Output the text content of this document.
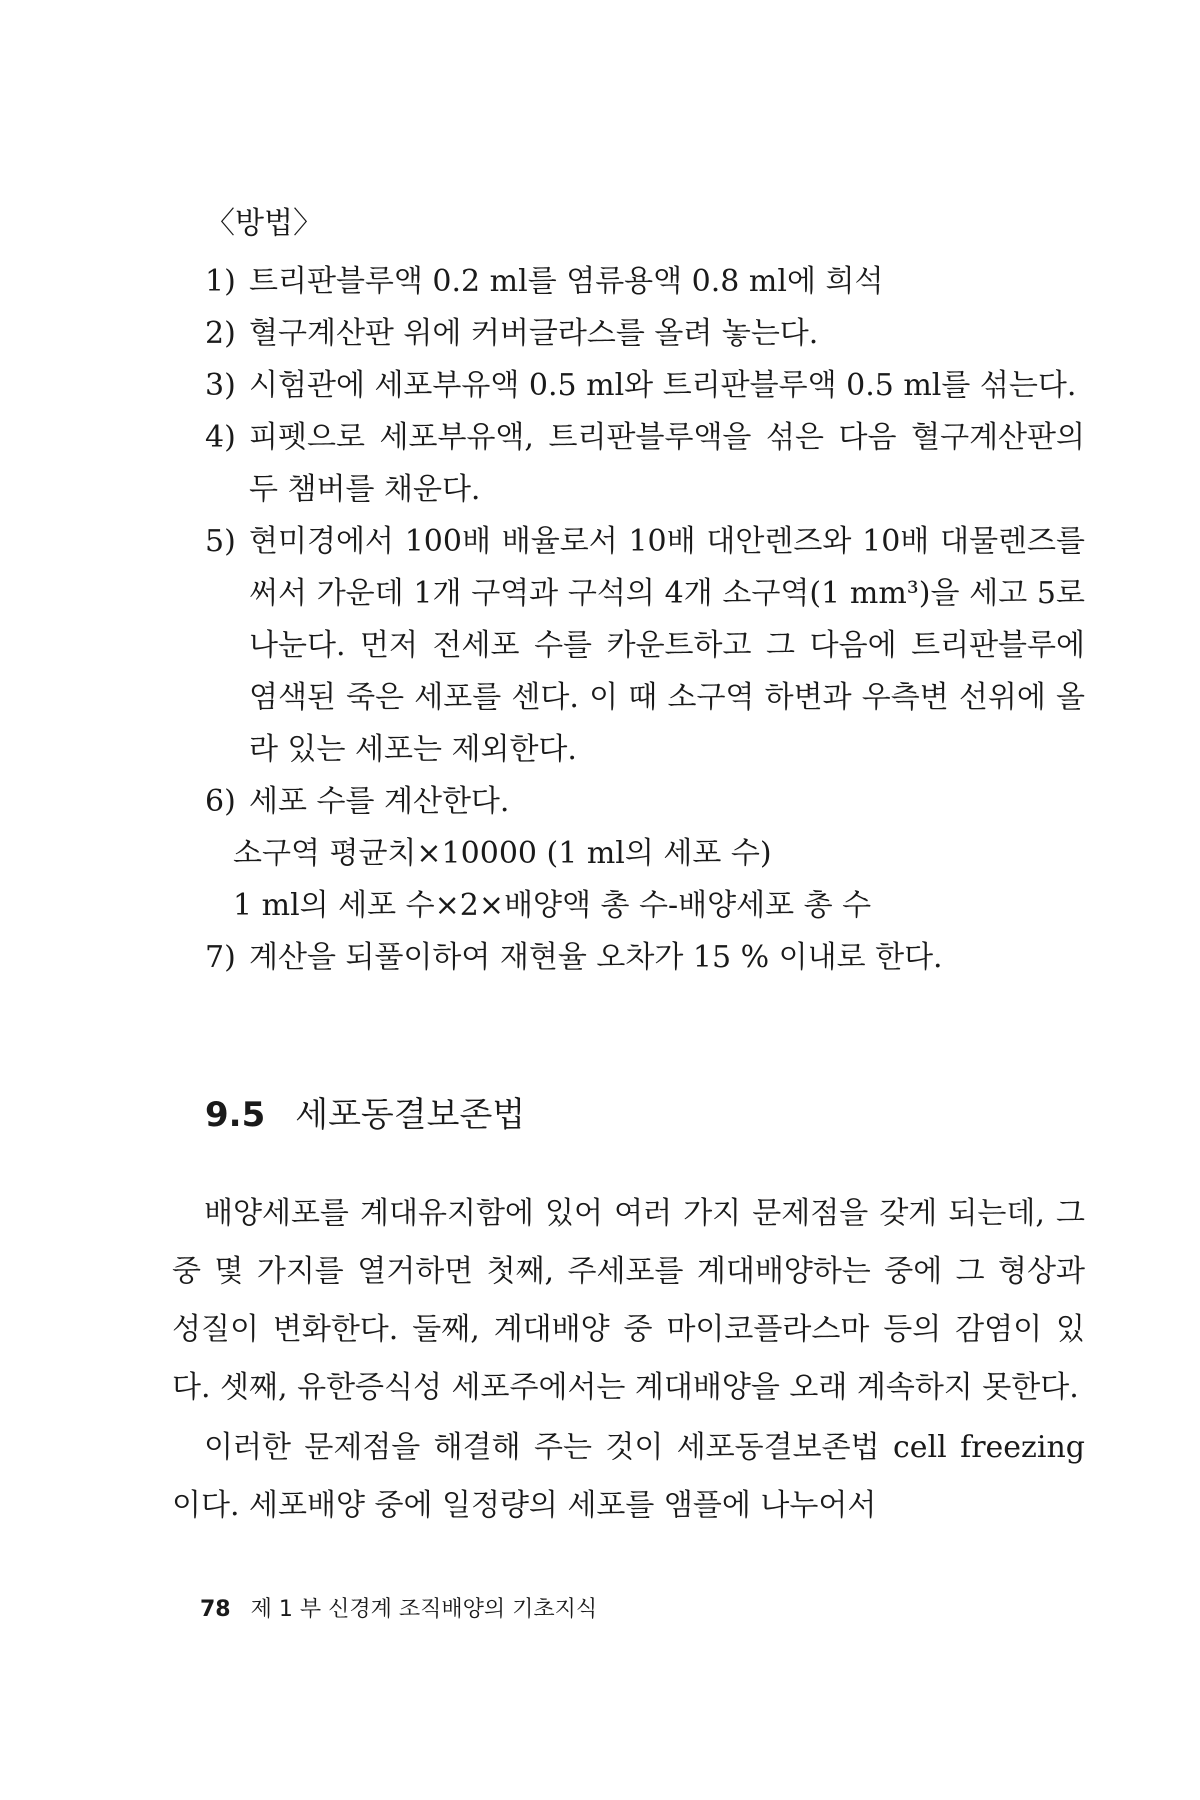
〈방법〉

1) 트리판블루액 0.2 ml를 염류용액 0.8 ml에 희석
2) 혈구계산판 위에 커버글라스를 올려 놓는다.
3) 시험관에 세포부유액 0.5 ml와 트리판블루액 0.5 ml를 섞는다.
4) 피펫으로 세포부유액, 트리판블루액을 섞은 다음 혈구계산판의 두 챔버를 채운다.
5) 현미경에서 100배 배율로서 10배 대안렌즈와 10배 대물렌즈를 써서 가운데 1개 구역과 구석의 4개 소구역(1 mm³)을 세고 5로 나눈다. 먼저 전세포 수를 카운트하고 그 다음에 트리판블루에 염색된 죽은 세포를 센다. 이 때 소구역 하변과 우측변 선위에 올라 있는 세포는 제외한다.
6) 세포 수를 계산한다.

소구역 평균치×10000 (1 ml의 세포 수)

1 ml의 세포 수×2×배양액 총 수-배양세포 총 수

7) 계산을 되풀이하여 재현율 오차가 15 % 이내로 한다.
9.5 세포동결보존법

배양세포를 계대유지함에 있어 여러 가지 문제점을 갖게 되는데, 그 중 몇 가지를 열거하면 첫째, 주세포를 계대배양하는 중에 그 형상과 성질이 변화한다. 둘째, 계대배양 중 마이코플라스마 등의 감염이 있다. 셋째, 유한증식성 세포주에서는 계대배양을 오래 계속하지 못한다.

이러한 문제점을 해결해 주는 것이 세포동결보존법 cell freezing이다. 세포배양 중에 일정량의 세포를 앰플에 나누어서

78 제 1 부 신경계 조직배양의 기초지식
